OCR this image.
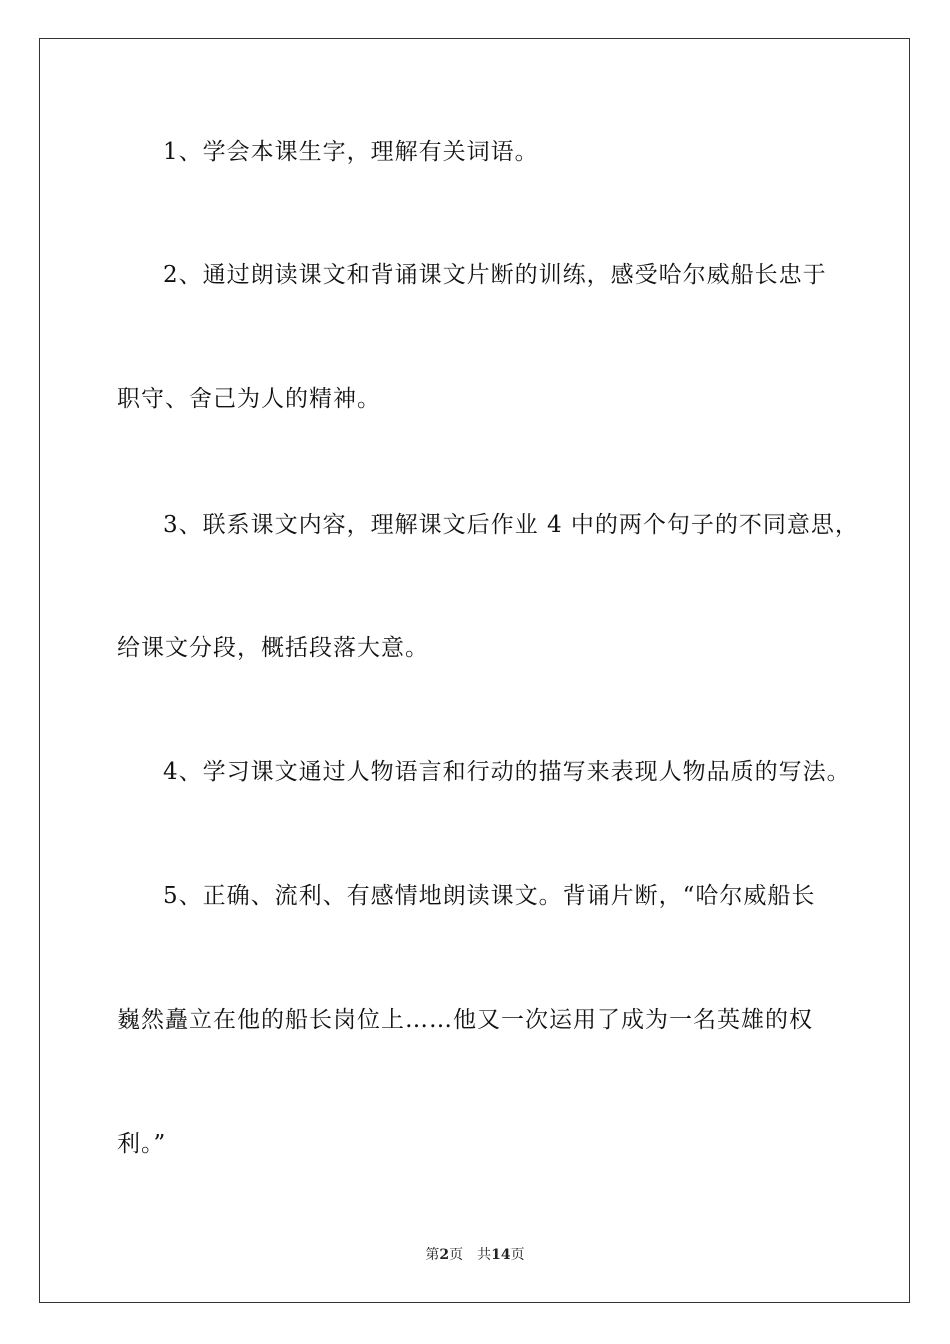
1、学会本课生字，理解有关词语。
2、通过朗读课文和背诵课文片断的训练，感受哈尔威船长忠于
职守、舍己为人的精神。
3、联系课文内容，理解课文后作业 4 中的两个句子的不同意思，
给课文分段，概括段落大意。
4、学习课文通过人物语言和行动的描写来表现人物品质的写法。
5、正确、流利、有感情地朗读课文。背诵片断，“哈尔威船长
巍然矗立在他的船长岗位上……他又一次运用了成为一名英雄的权
利。”
第2页 共14页
